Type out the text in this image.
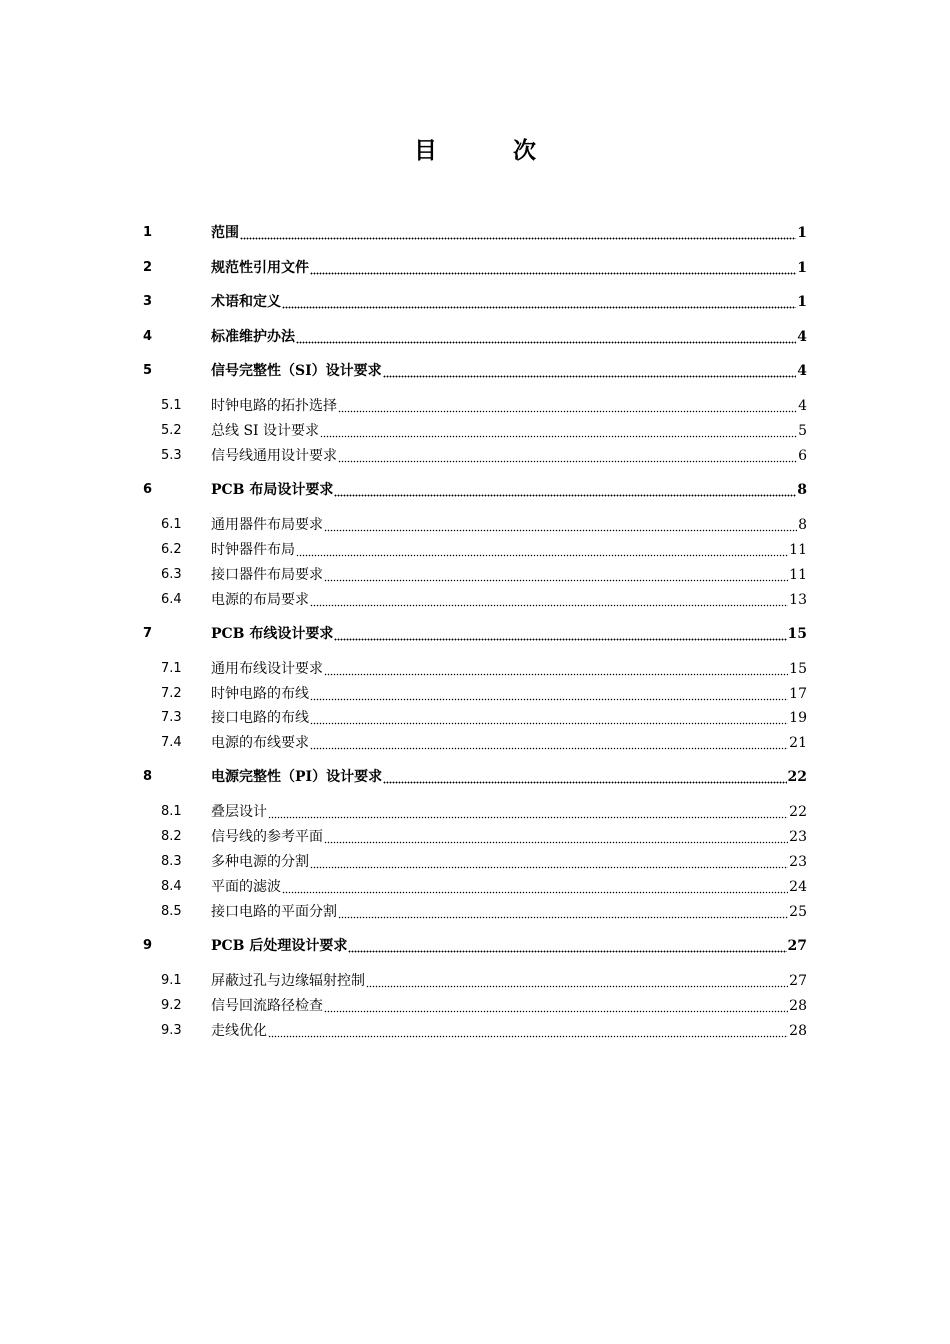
目 次
1	范围	1
2	规范性引用文件	1
3	术语和定义	1
4	标准维护办法	4
5	信号完整性（SI）设计要求	4
5.1 时钟电路的拓扑选择	4
5.2 总线 SI 设计要求	5
5.3 信号线通用设计要求	6
6	PCB 布局设计要求	8
6.1 通用器件布局要求	8
6.2 时钟器件布局	11
6.3 接口器件布局要求	11
6.4 电源的布局要求	13
7	PCB 布线设计要求	15
7.1 通用布线设计要求	15
7.2 时钟电路的布线	17
7.3 接口电路的布线	19
7.4 电源的布线要求	21
8	电源完整性（PI）设计要求	22
8.1 叠层设计	22
8.2 信号线的参考平面	23
8.3 多种电源的分割	23
8.4 平面的滤波	24
8.5 接口电路的平面分割	25
9	PCB 后处理设计要求	27
9.1 屏蔽过孔与边缘辐射控制	27
9.2 信号回流路径检查	28
9.3 走线优化	28
